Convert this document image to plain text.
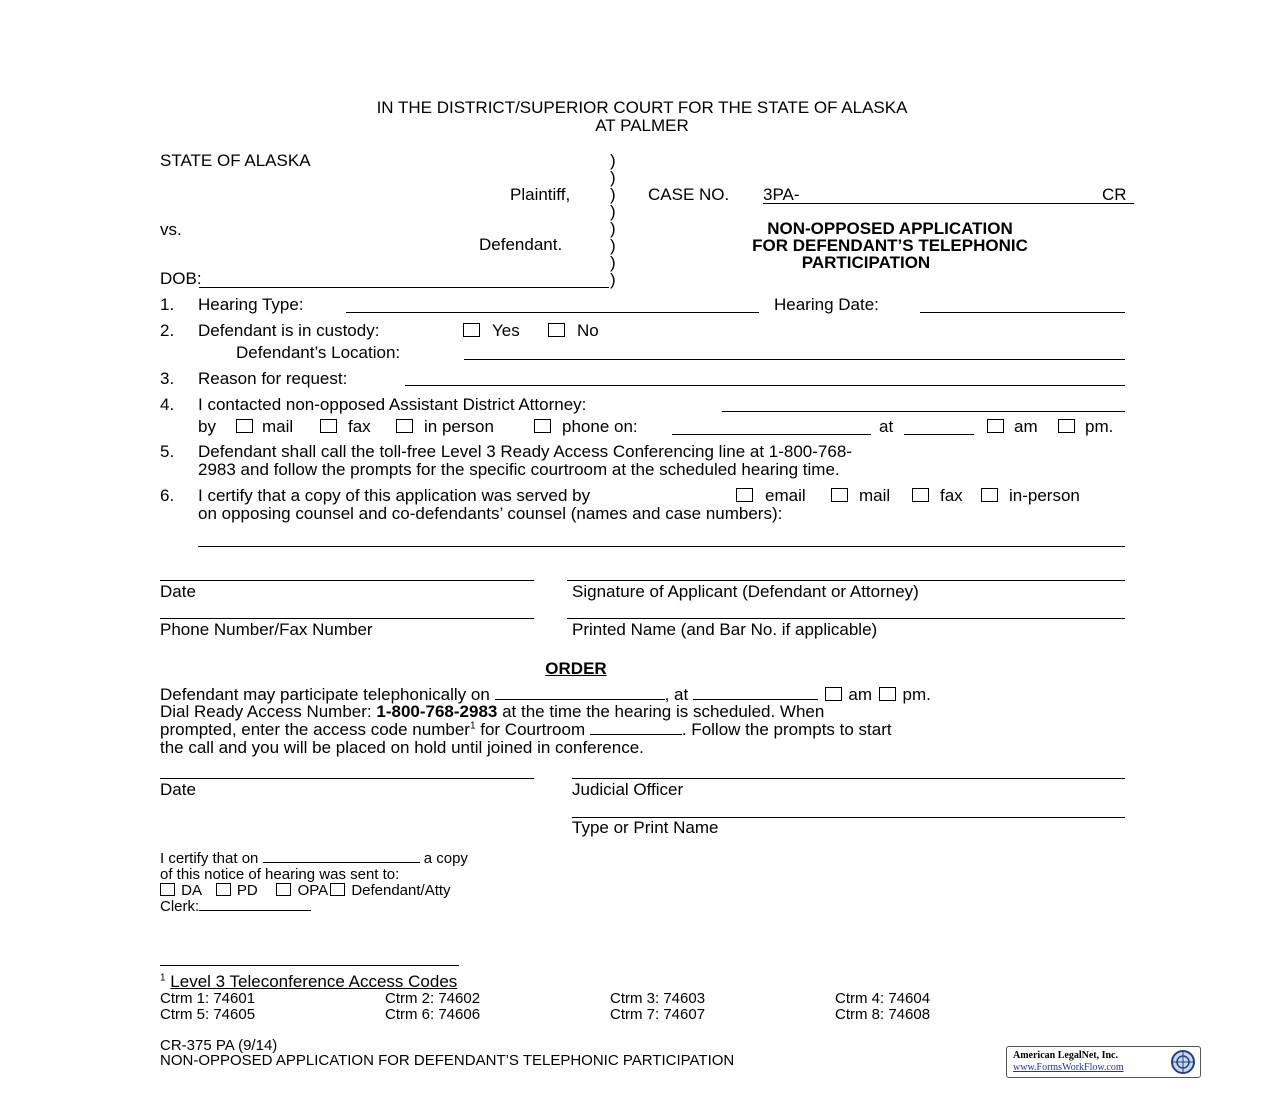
IN THE DISTRICT/SUPERIOR COURT FOR THE STATE OF ALASKA
AT PALMER
STATE OF ALASKA
Plaintiff,
vs.
Defendant.
DOB:
)
)
)
)
)
)
)
)
CASE NO. 3PA-	CR
NON-OPPOSED APPLICATION
FOR DEFENDANT’S TELEPHONIC
PARTICIPATION
1. Hearing Type:	Hearing Date:
2. Defendant is in custody:	Yes	No
Defendant’s Location:
3. Reason for request:
4. I contacted non-opposed Assistant District Attorney:
by	mail	fax	in person	phone on:	at	am	pm.
5. Defendant shall call the toll-free Level 3 Ready Access Conferencing line at 1-800-768-
2983 and follow the prompts for the specific courtroom at the scheduled hearing time.
6. I certify that a copy of this application was served by	email	mail	fax	in-person
on opposing counsel and co-defendants’ counsel (names and case numbers):
Date	Signature of Applicant (Defendant or Attorney)
Phone Number/Fax Number	Printed Name (and Bar No. if applicable)
ORDER
Defendant may participate telephonically on	, at	am pm.
Dial Ready Access Number: 1-800-768-2983 at the time the hearing is scheduled. When
prompted, enter the access code number$^1$ for Courtroom	. Follow the prompts to start
the call and you will be placed on hold until joined in conference.
Date	Judicial Officer
Type or Print Name
I certify that on	a copy
of this notice of hearing was sent to:
DA PD	OPA Defendant/Atty
Clerk:
$^1$ Level 3 Teleconference Access Codes
Ctrm 1: 74601	Ctrm 2: 74602	Ctrm 3: 74603	Ctrm 4: 74604
Ctrm 5: 74605	Ctrm 6: 74606	Ctrm 7: 74607	Ctrm 8: 74608
CR-375 PA (9/14)
NON-OPPOSED APPLICATION FOR DEFENDANT’S TELEPHONIC PARTICIPATION	American LegalNet, Inc.
www.FormsWorkFlow.com
